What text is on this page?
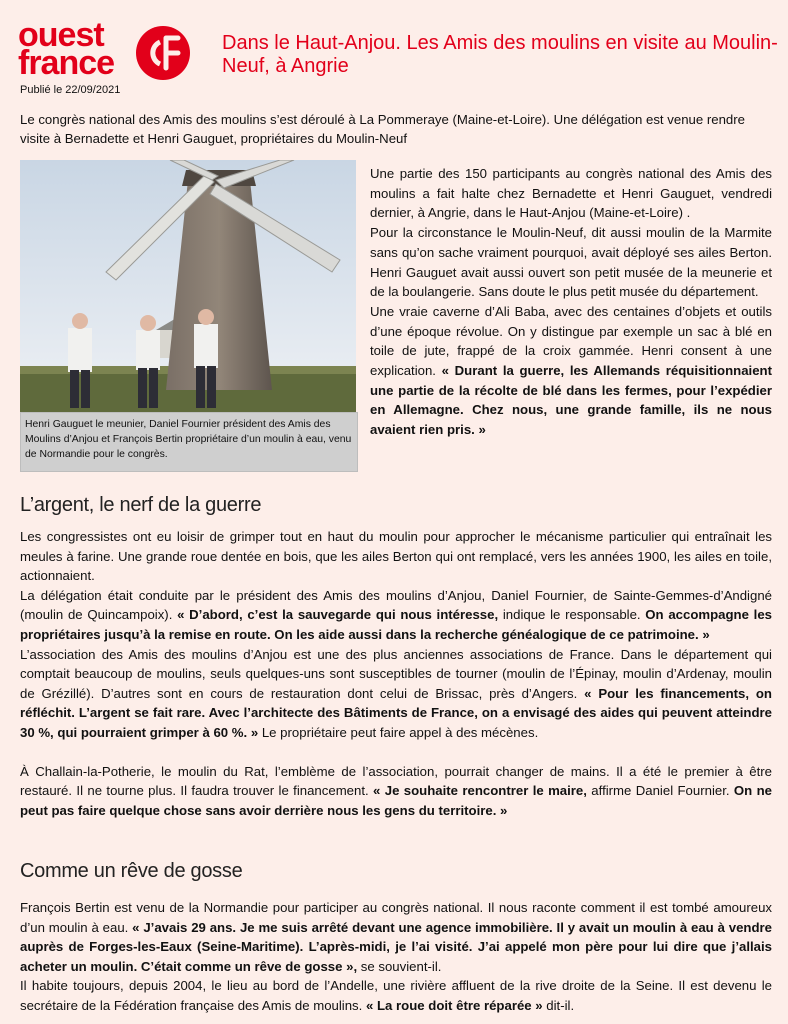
ouest
france
Dans le Haut-Anjou. Les Amis des moulins en visite au Moulin-Neuf, à Angrie
Publié le 22/09/2021
Le congrès national des Amis des moulins s’est déroulé à La Pommeraye (Maine-et-Loire). Une délégation est venue rendre visite à Bernadette et Henri Gauguet, propriétaires du Moulin-Neuf
Henri Gauguet le meunier, Daniel Fournier président des Amis des Moulins d’Anjou et François Bertin propriétaire d’un moulin à eau, venu de Normandie pour le congrès.

Une partie des 150 participants au congrès national des Amis des moulins a fait halte chez Bernadette et Henri Gauguet, vendredi dernier, à Angrie, dans le Haut-Anjou (Maine-et-Loire) .

Pour la circonstance le Moulin-Neuf, dit aussi moulin de la Marmite sans qu’on sache vraiment pourquoi, avait déployé ses ailes Berton. Henri Gauguet avait aussi ouvert son petit musée de la meunerie et de la boulangerie. Sans doute le plus petit musée du département.

Une vraie caverne d’Ali Baba, avec des centaines d’objets et outils d’une époque révolue. On y distingue par exemple un sac à blé en toile de jute, frappé de la croix gammée. Henri consent à une explication. « Durant la guerre, les Allemands réquisitionnaient une partie de la récolte de blé dans les fermes, pour l’expédier en Allemagne. Chez nous, une grande famille, ils ne nous avaient rien pris. »

L’argent, le nerf de la guerre

Les congressistes ont eu loisir de grimper tout en haut du moulin pour approcher le mécanisme particulier qui entraînait les meules à farine. Une grande roue dentée en bois, que les ailes Berton qui ont remplacé, vers les années 1900, les ailes en toile, actionnaient.

La délégation était conduite par le président des Amis des moulins d’Anjou, Daniel Fournier, de Sainte-Gemmes-d’Andigné (moulin de Quincampoix). « D’abord, c’est la sauvegarde qui nous intéresse, indique le responsable. On accompagne les propriétaires jusqu’à la remise en route. On les aide aussi dans la recherche généalogique de ce patrimoine. »

L’association des Amis des moulins d’Anjou est une des plus anciennes associations de France. Dans le département qui comptait beaucoup de moulins, seuls quelques-uns sont susceptibles de tourner (moulin de l’Épinay, moulin d’Ardenay, moulin de Grézillé). D’autres sont en cours de restauration dont celui de Brissac, près d’Angers. « Pour les financements, on réfléchit. L’argent se fait rare. Avec l’architecte des Bâtiments de France, on a envisagé des aides qui peuvent atteindre 30 %, qui pourraient grimper à 60 %. » Le propriétaire peut faire appel à des mécènes.

À Challain-la-Potherie, le moulin du Rat, l’emblème de l’association, pourrait changer de mains. Il a été le premier à être restauré. Il ne tourne plus. Il faudra trouver le financement. « Je souhaite rencontrer le maire, affirme Daniel Fournier. On ne peut pas faire quelque chose sans avoir derrière nous les gens du territoire. »

Comme un rêve de gosse

François Bertin est venu de la Normandie pour participer au congrès national. Il nous raconte comment il est tombé amoureux d’un moulin à eau. « J’avais 29 ans. Je me suis arrêté devant une agence immobilière. Il y avait un moulin à eau à vendre auprès de Forges-les-Eaux (Seine-Maritime). L’après-midi, je l’ai visité. J’ai appelé mon père pour lui dire que j’allais acheter un moulin. C’était comme un rêve de gosse », se souvient-il.

Il habite toujours, depuis 2004, le lieu au bord de l’Andelle, une rivière affluent de la rive droite de la Seine. Il est devenu le secrétaire de la Fédération française des Amis de moulins. « La roue doit être réparée » dit-il.
